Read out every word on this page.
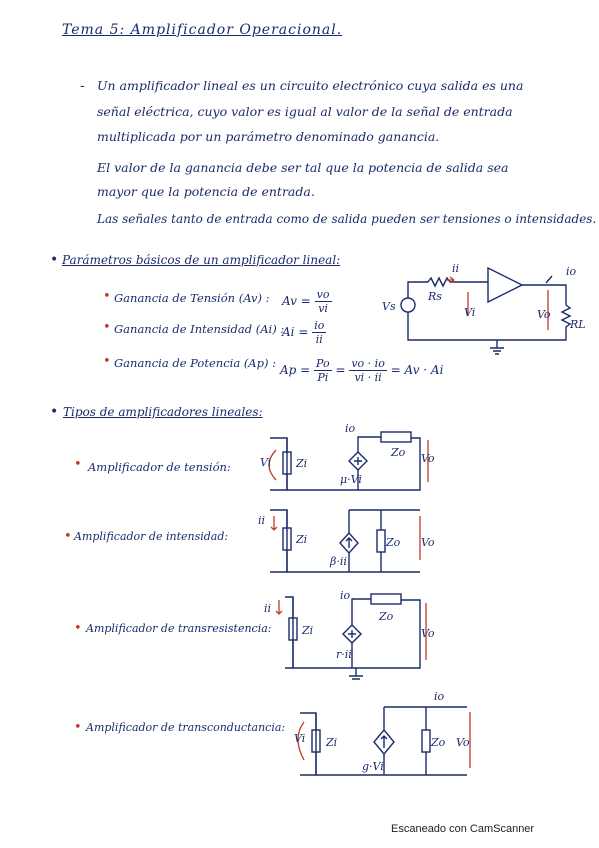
Tema 5: Amplificador Operacional.
- Un amplificador lineal es un circuito electrónico cuya salida es una
señal eléctrica, cuyo valor es igual al valor de la señal de entrada
multiplicada por un parámetro denominado ganancia.
El valor de la ganancia debe ser tal que la potencia de salida sea
mayor que la potencia de entrada.
Las señales tanto de entrada como de salida pueden ser tensiones o intensidades.
• Parámetros básicos de un amplificador lineal:
• Ganancia de Tensión (Av) : $Av = \frac{vo}{vi}$
• Ganancia de Intensidad (Ai) :
$Ai = \frac{io}{ii}$
• Ganancia de Potencia (Ap) : $Ap = \frac{Po}{Pi} = \frac{vo \cdot io}{vi \cdot ii} = Av \cdot Ai$
• Tipos de amplificadores lineales:
• Amplificador de tensión:
• Amplificador de intensidad:
• Amplificador de transresistencia:
• Amplificador de transconductancia:
Vs
Rs
ii
Vi	Vo
io
RL
Zi
Zo
Vi	Vo
io
μ·Vi
Zi	Zo
ii
Vo
β·ii
Zi
Zo
ii
Vo
io
r·ii
Zi	Zo
Vi	Vo
io
g·Vi
Escaneado con CamScanner
